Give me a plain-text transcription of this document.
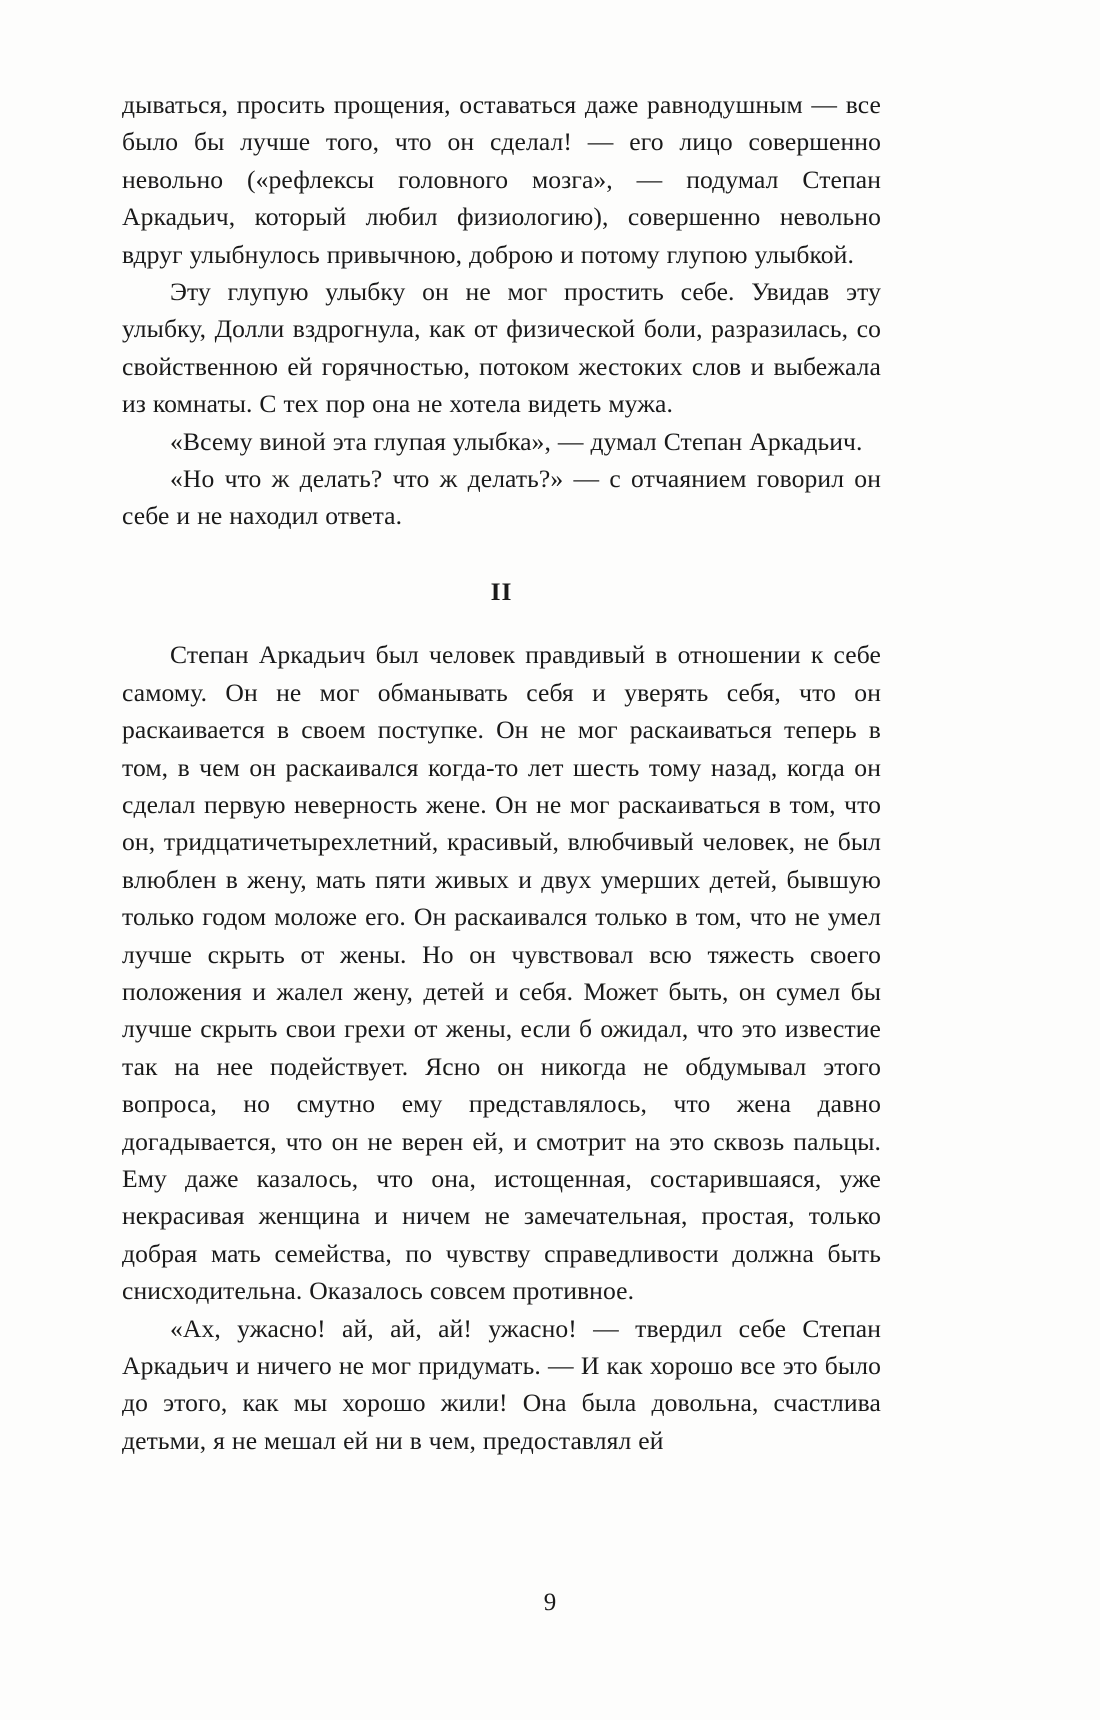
дываться, просить прощения, оставаться даже равнодушным — все было бы лучше того, что он сделал! — его лицо совершенно невольно («рефлексы головного мозга», — подумал Степан Аркадьич, который любил физиологию), совершенно невольно вдруг улыбнулось привычною, доброю и потому глупою улыбкой.

Эту глупую улыбку он не мог простить себе. Увидав эту улыбку, Долли вздрогнула, как от физической боли, разразилась, со свойственною ей горячностью, потоком жестоких слов и выбежала из комнаты. С тех пор она не хотела видеть мужа.

«Всему виной эта глупая улыбка», — думал Степан Аркадьич.

«Но что ж делать? что ж делать?» — с отчаянием говорил он себе и не находил ответа.

II

Степан Аркадьич был человек правдивый в отношении к себе самому. Он не мог обманывать себя и уверять себя, что он раскаивается в своем поступке. Он не мог раскаиваться теперь в том, в чем он раскаивался когда-то лет шесть тому назад, когда он сделал первую неверность жене. Он не мог раскаиваться в том, что он, тридцатичетырехлетний, красивый, влюбчивый человек, не был влюблен в жену, мать пяти живых и двух умерших детей, бывшую только годом моложе его. Он раскаивался только в том, что не умел лучше скрыть от жены. Но он чувствовал всю тяжесть своего положения и жалел жену, детей и себя. Может быть, он сумел бы лучше скрыть свои грехи от жены, если б ожидал, что это известие так на нее подействует. Ясно он никогда не обдумывал этого вопроса, но смутно ему представлялось, что жена давно догадывается, что он не верен ей, и смотрит на это сквозь пальцы. Ему даже казалось, что она, истощенная, состарившаяся, уже некрасивая женщина и ничем не замечательная, простая, только добрая мать семейства, по чувству справедливости должна быть снисходительна. Оказалось совсем противное.

«Ах, ужасно! ай, ай, ай! ужасно! — твердил себе Степан Аркадьич и ничего не мог придумать. — И как хорошо все это было до этого, как мы хорошо жили! Она была довольна, счастлива детьми, я не мешал ей ни в чем, предоставлял ей

9
